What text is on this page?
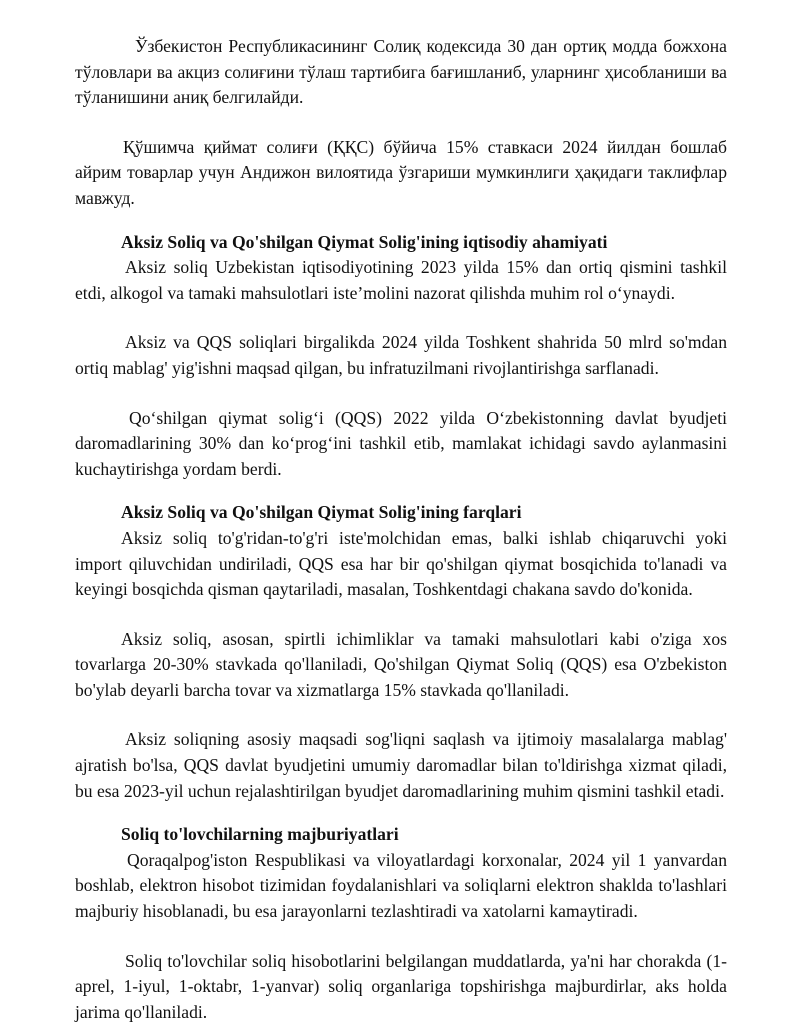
Ўзбекистон Республикасининг Солиқ кодексида 30 дан ортиқ модда божхона тўловлари ва акциз солиғини тўлаш тартибига бағишланиб, уларнинг ҳисобланиши ва тўланишини аниқ белгилайди.

Қўшимча қиймат солиғи (ҚҚС) бўйича 15% ставкаси 2024 йилдан бошлаб айрим товарлар учун Андижон вилоятида ўзгариши мумкинлиги ҳақидаги таклифлар мавжуд.

Aksiz Soliq va Qo'shilgan Qiymat Solig'ining iqtisodiy ahamiyati

Aksiz soliq Uzbekistan iqtisodiyotining 2023 yilda 15% dan ortiq qismini tashkil etdi, alkogol va tamaki mahsulotlari iste’molini nazorat qilishda muhim rol o‘ynaydi.

Aksiz va QQS soliqlari birgalikda 2024 yilda Toshkent shahrida 50 mlrd so'mdan ortiq mablag' yig'ishni maqsad qilgan, bu infratuzilmani rivojlantirishga sarflanadi.

Qo‘shilgan qiymat solig‘i (QQS) 2022 yilda O‘zbekistonning davlat byudjeti daromadlarining 30% dan ko‘prog‘ini tashkil etib, mamlakat ichidagi savdo aylanmasini kuchaytirishga yordam berdi.

Aksiz Soliq va Qo'shilgan Qiymat Solig'ining farqlari

Aksiz soliq to'g'ridan-to'g'ri iste'molchidan emas, balki ishlab chiqaruvchi yoki import qiluvchidan undiriladi, QQS esa har bir qo'shilgan qiymat bosqichida to'lanadi va keyingi bosqichda qisman qaytariladi, masalan, Toshkentdagi chakana savdo do'konida.

Aksiz soliq, asosan, spirtli ichimliklar va tamaki mahsulotlari kabi o'ziga xos tovarlarga 20-30% stavkada qo'llaniladi, Qo'shilgan Qiymat Soliq (QQS) esa O'zbekiston bo'ylab deyarli barcha tovar va xizmatlarga 15% stavkada qo'llaniladi.

Aksiz soliqning asosiy maqsadi sog'liqni saqlash va ijtimoiy masalalarga mablag' ajratish bo'lsa, QQS davlat byudjetini umumiy daromadlar bilan to'ldirishga xizmat qiladi, bu esa 2023-yil uchun rejalashtirilgan byudjet daromadlarining muhim qismini tashkil etadi.

Soliq to'lovchilarning majburiyatlari

Qoraqalpog'iston Respublikasi va viloyatlardagi korxonalar, 2024 yil 1 yanvardan boshlab, elektron hisobot tizimidan foydalanishlari va soliqlarni elektron shaklda to'lashlari majburiy hisoblanadi, bu esa jarayonlarni tezlashtiradi va xatolarni kamaytiradi.

Soliq to'lovchilar soliq hisobotlarini belgilangan muddatlarda, ya'ni har chorakda (1-aprel, 1-iyul, 1-oktabr, 1-yanvar) soliq organlariga topshirishga majburdirlar, aks holda jarima qo'llaniladi.
